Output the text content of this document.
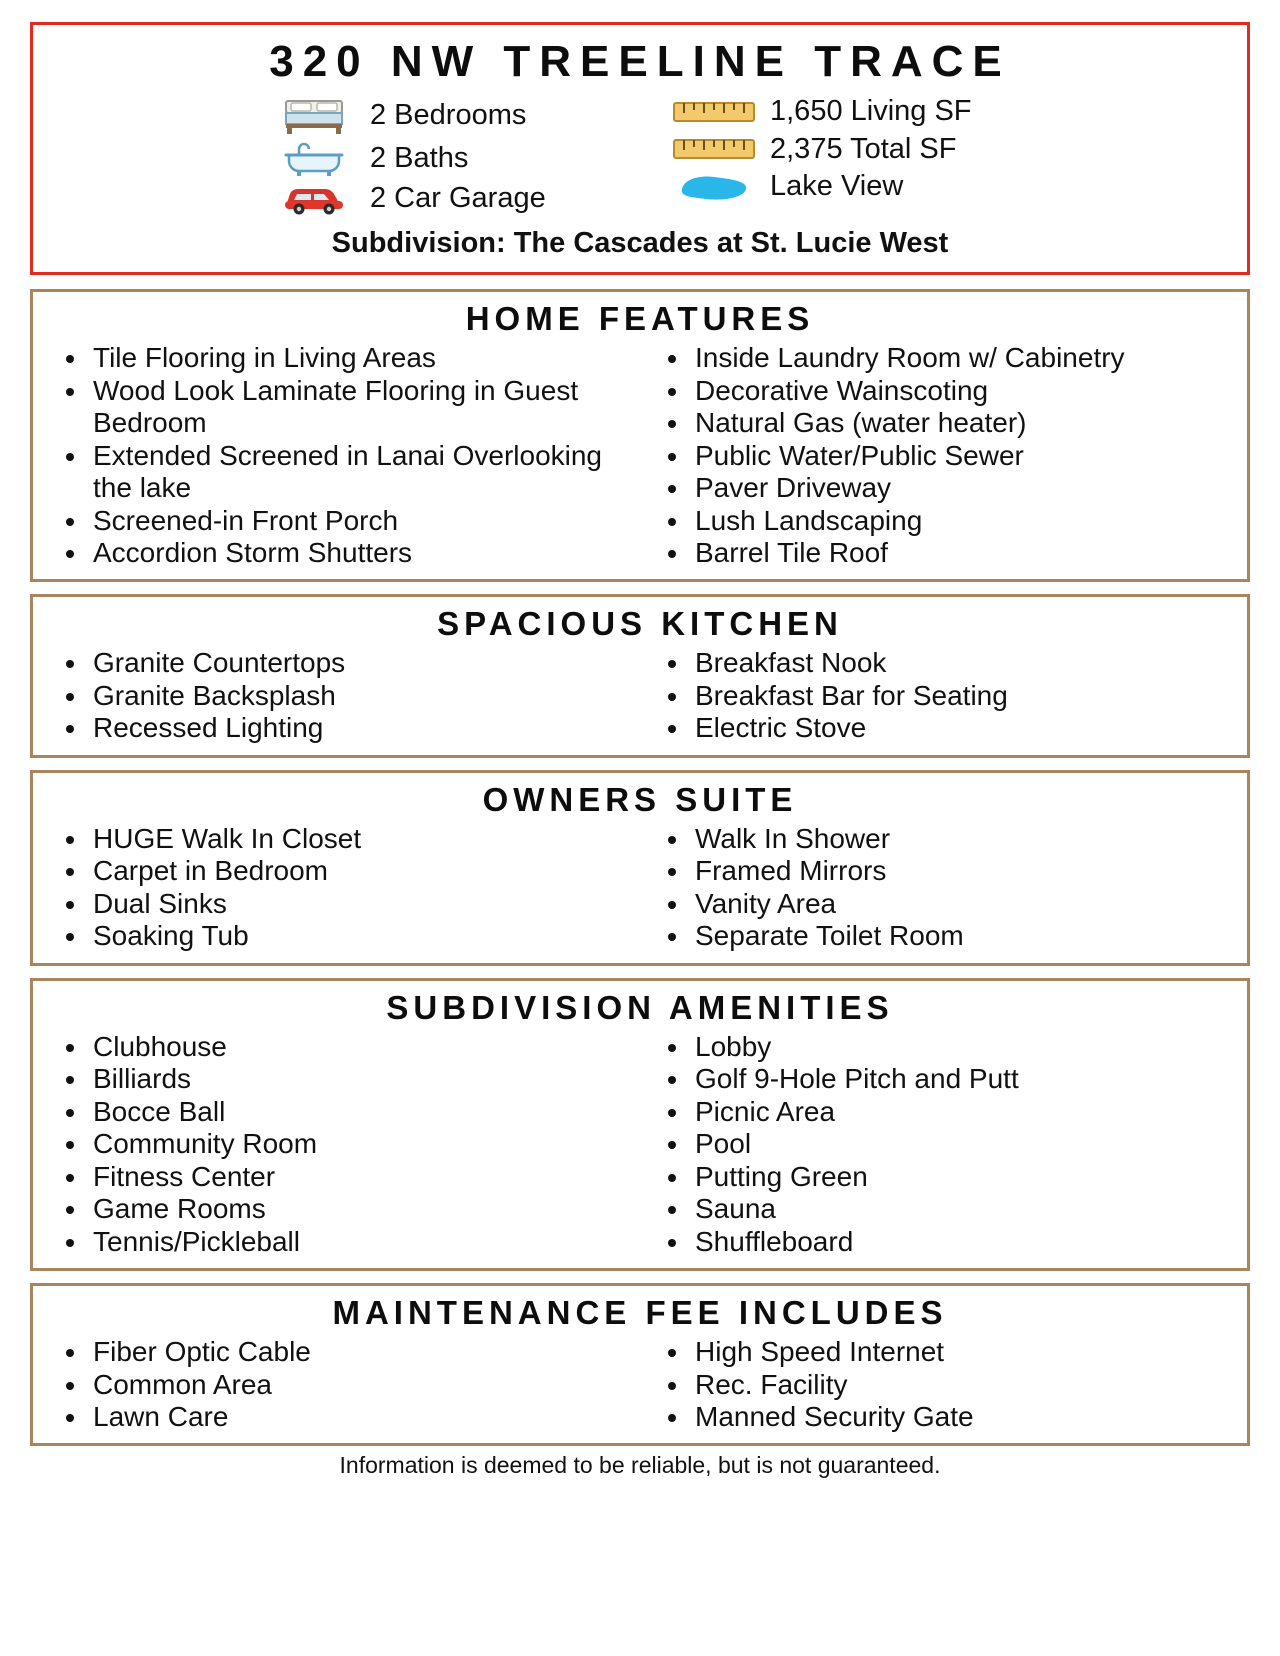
320 NW TREELINE TRACE
2 Bedrooms
2 Baths
2 Car Garage
1,650 Living SF
2,375 Total SF
Lake View
Subdivision: The Cascades at St. Lucie West
HOME FEATURES
• Tile Flooring in Living Areas
• Wood Look Laminate Flooring in Guest Bedroom
• Extended Screened in Lanai Overlooking the lake
• Screened-in Front Porch
• Accordion Storm Shutters
• Inside Laundry Room w/ Cabinetry
• Decorative Wainscoting
• Natural Gas (water heater)
• Public Water/Public Sewer
• Paver Driveway
• Lush Landscaping
• Barrel Tile Roof
SPACIOUS KITCHEN
• Granite Countertops
• Granite Backsplash
• Recessed Lighting
• Breakfast Nook
• Breakfast Bar for Seating
• Electric Stove
OWNERS SUITE
• HUGE Walk In Closet
• Carpet in Bedroom
• Dual Sinks
• Soaking Tub
• Walk In Shower
• Framed Mirrors
• Vanity Area
• Separate Toilet Room
SUBDIVISION AMENITIES
• Clubhouse
• Billiards
• Bocce Ball
• Community Room
• Fitness Center
• Game Rooms
• Tennis/Pickleball
• Lobby
• Golf 9-Hole Pitch and Putt
• Picnic Area
• Pool
• Putting Green
• Sauna
• Shuffleboard
MAINTENANCE FEE INCLUDES
• Fiber Optic Cable
• Common Area
• Lawn Care
• High Speed Internet
• Rec. Facility
• Manned Security Gate
Information is deemed to be reliable, but is not guaranteed.
